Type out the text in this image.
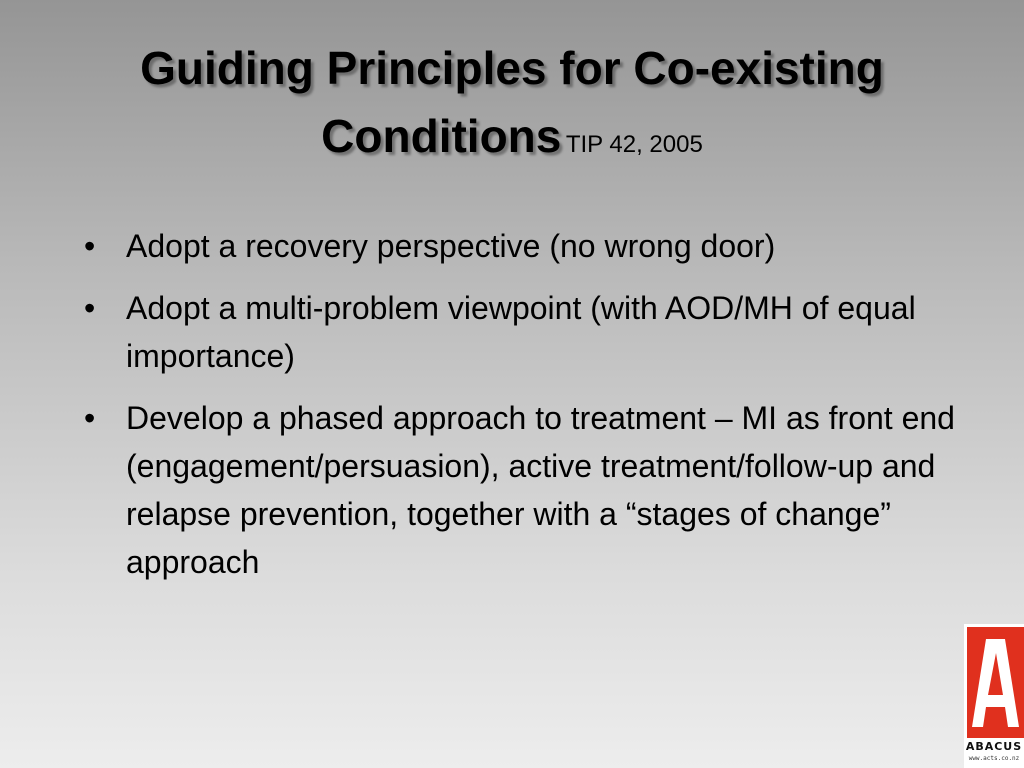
Guiding Principles for Co-existing Conditions TIP 42, 2005
• Adopt a recovery perspective (no wrong door)
• Adopt a multi-problem viewpoint (with AOD/MH of equal importance)
• Develop a phased approach to treatment – MI as front end (engagement/persuasion), active treatment/follow-up and relapse prevention, together with a “stages of change” approach
ABACUS
www.acts.co.nz
